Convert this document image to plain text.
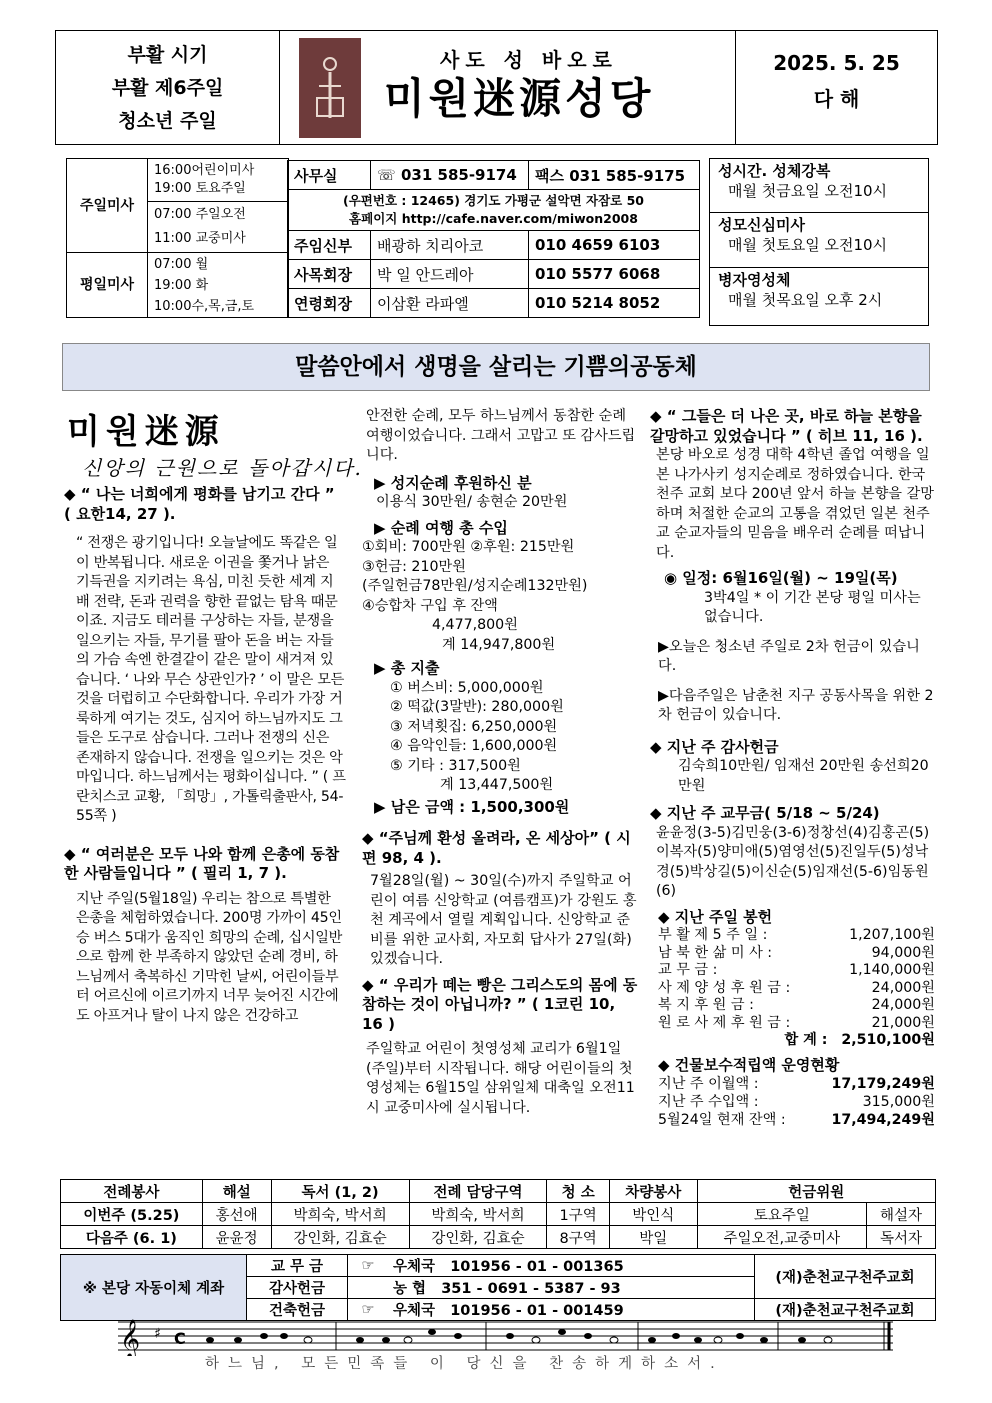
부활 시기
부활 제6주일
청소년 주일
사도 성 바오로
미원迷源성당
2025. 5. 25
다 해
주일미사	16:00어린이미사
19:00 토요주일

	07:00 주일오전
11:00 교중미사

평일미사	07:00 월
19:00 화
10:00수,목,금,토
사무실	☏ 031 585-9174	팩스 031 585-9175

(우편번호 : 12465) 경기도 가평군 설악면 자잠로 50
홈페이지 http://cafe.naver.com/miwon2008		

주임신부	배광하 치리아코	010 4659 6103
사목회장	박 일 안드레아	010 5577 6068
연령회장	이삼환 라파엘	010 5214 8052
성시간. 성체강복
매월 첫금요일 오전10시
성모신심미사
매월 첫토요일 오전10시
병자영성체
매월 첫목요일 오후 2시
말씀안에서 생명을 살리는 기쁨의공동체
미원迷源
신앙의 근원으로 돌아갑시다.

◆ “ 나는 너희에게 평화를 남기고 간다 ” ( 요한14, 27 ).

“ 전쟁은 광기입니다! 오늘날에도 똑같은 일이 반복됩니다. 새로운 이권을 쫓거나 낡은 기득권을 지키려는 욕심, 미친 듯한 세계 지배 전략, 돈과 권력을 향한 끝없는 탐욕 때문이죠. 지금도 테러를 구상하는 자들, 분쟁을 일으키는 자들, 무기를 팔아 돈을 버는 자들의 가슴 속엔 한결같이 같은 말이 새겨져 있습니다. ‘ 나와 무슨 상관인가? ’ 이 말은 모든 것을 더럽히고 수단화합니다. 우리가 가장 거룩하게 여기는 것도, 심지어 하느님까지도 그들은 도구로 삼습니다. 그러나 전쟁의 신은 존재하지 않습니다. 전쟁을 일으키는 것은 악마입니다. 하느님께서는 평화이십니다. ” ( 프란치스코 교황, 「희망」, 가톨릭출판사, 54-55쪽 )

◆ “ 여러분은 모두 나와 함께 은총에 동참한 사람들입니다 ” ( 필리 1, 7 ).

지난 주일(5월18일) 우리는 참으로 특별한 은총을 체험하였습니다. 200명 가까이 45인승 버스 5대가 움직인 희망의 순례, 십시일반으로 함께 한 부족하지 않았던 순례 경비, 하느님께서 축복하신 기막힌 날씨, 어린이들부터 어르신에 이르기까지 너무 늦어진 시간에도 아프거나 탈이 나지 않은 건강하고

안전한 순례, 모두 하느님께서 동참한 순례 여행이었습니다. 그래서 고맙고 또 감사드립니다.

▶ 성지순례 후원하신 분

이용식 30만원/ 송현순 20만원

▶ 순례 여행 총 수입

①회비: 700만원 ②후원: 215만원
③헌금: 210만원
(주일헌금78만원/성지순례132만원)
④승합차 구입 후 잔액
4,477,800원
계 14,947,800원

▶ 총 지출

① 버스비: 5,000,000원
② 떡값(3말반): 280,000원
③ 저녁횟집: 6,250,000원
④ 음악인들: 1,600,000원
⑤ 기타 : 317,500원
계 13,447,500원

▶ 남은 금액 : 1,500,300원

◆ “주님께 환성 올려라, 온 세상아” ( 시편 98, 4 ).

7월28일(월) ~ 30일(수)까지 주일학교 어린이 여름 신앙학교 (여름캠프)가 강원도 홍천 계곡에서 열릴 계획입니다. 신앙학교 준비를 위한 교사회, 자모회 답사가 27일(화) 있겠습니다.

◆ “ 우리가 떼는 빵은 그리스도의 몸에 동참하는 것이 아닙니까? ” ( 1코린 10, 16 )

주일학교 어린이 첫영성체 교리가 6월1일(주일)부터 시작됩니다. 해당 어린이들의 첫영성체는 6월15일 삼위일체 대축일 오전11시 교중미사에 실시됩니다.

◆ “ 그들은 더 나은 곳, 바로 하늘 본향을 갈망하고 있었습니다 ” ( 히브 11, 16 ).

본당 바오로 성경 대학 4학년 졸업 여행을 일본 나가사키 성지순례로 정하였습니다. 한국 천주 교회 보다 200년 앞서 하늘 본향을 갈망하며 처절한 순교의 고통을 겪었던 일본 천주교 순교자들의 믿음을 배우러 순례를 떠납니다.

◉ 일정: 6월16일(월) ~ 19일(목)

3박4일 * 이 기간 본당 평일 미사는 없습니다.

▶오늘은 청소년 주일로 2차 헌금이 있습니다.

▶다음주일은 남춘천 지구 공동사목을 위한 2차 헌금이 있습니다.

◆ 지난 주 감사헌금

김숙희10만원/ 임재선 20만원 송선희20만원

◆ 지난 주 교무금( 5/18 ~ 5/24)

윤윤정(3-5)김민웅(3-6)정창선(4)김홍곤(5)이복자(5)양미애(5)염영선(5)진일두(5)성낙경(5)박상길(5)이신순(5)임재선(5-6)임동원(6)

◆ 지난 주일 봉헌

부 활 제 5 주 일 :	1,207,100원
남 북 한 삶 미 사 :	94,000원
교 무 금 :	1,140,000원
사 제 양 성 후 원 금 :	24,000원
복 지 후 원 금 :	24,000원
원 로 사 제 후 원 금 :	21,000원
합 계 : 2,510,100원

◆ 건물보수적립액 운영현황

지난 주 이월액 :	17,179,249원
지난 주 수입액 :	315,000원
5월24일 현재 잔액 :	17,494,249원
전례봉사	해설	독서 (1, 2)	전례 담당구역	청 소	차량봉사	헌금위원	
이번주 (5.25)	홍선애	박희숙, 박서희	박희숙, 박서희	1구역	박인식	토요주일	해설자
다음주 (6. 1)	윤윤정	강인화, 김효순	강인화, 김효순	8구역	박일	주일오전,교중미사	독서자
※ 본당 자동이체 계좌	교 무 금	☞	우체국 101956 - 01 - 001365	(재)춘천교구천주교회
	감사헌금		농 협 351 - 0691 - 5387 - 93	
	건축헌금	☞	우체국 101956 - 01 - 001459	(재)춘천교구천주교회
𝄞 ♯ C
하느님, 모든민족들 이 당신을 찬송하게하소서.
